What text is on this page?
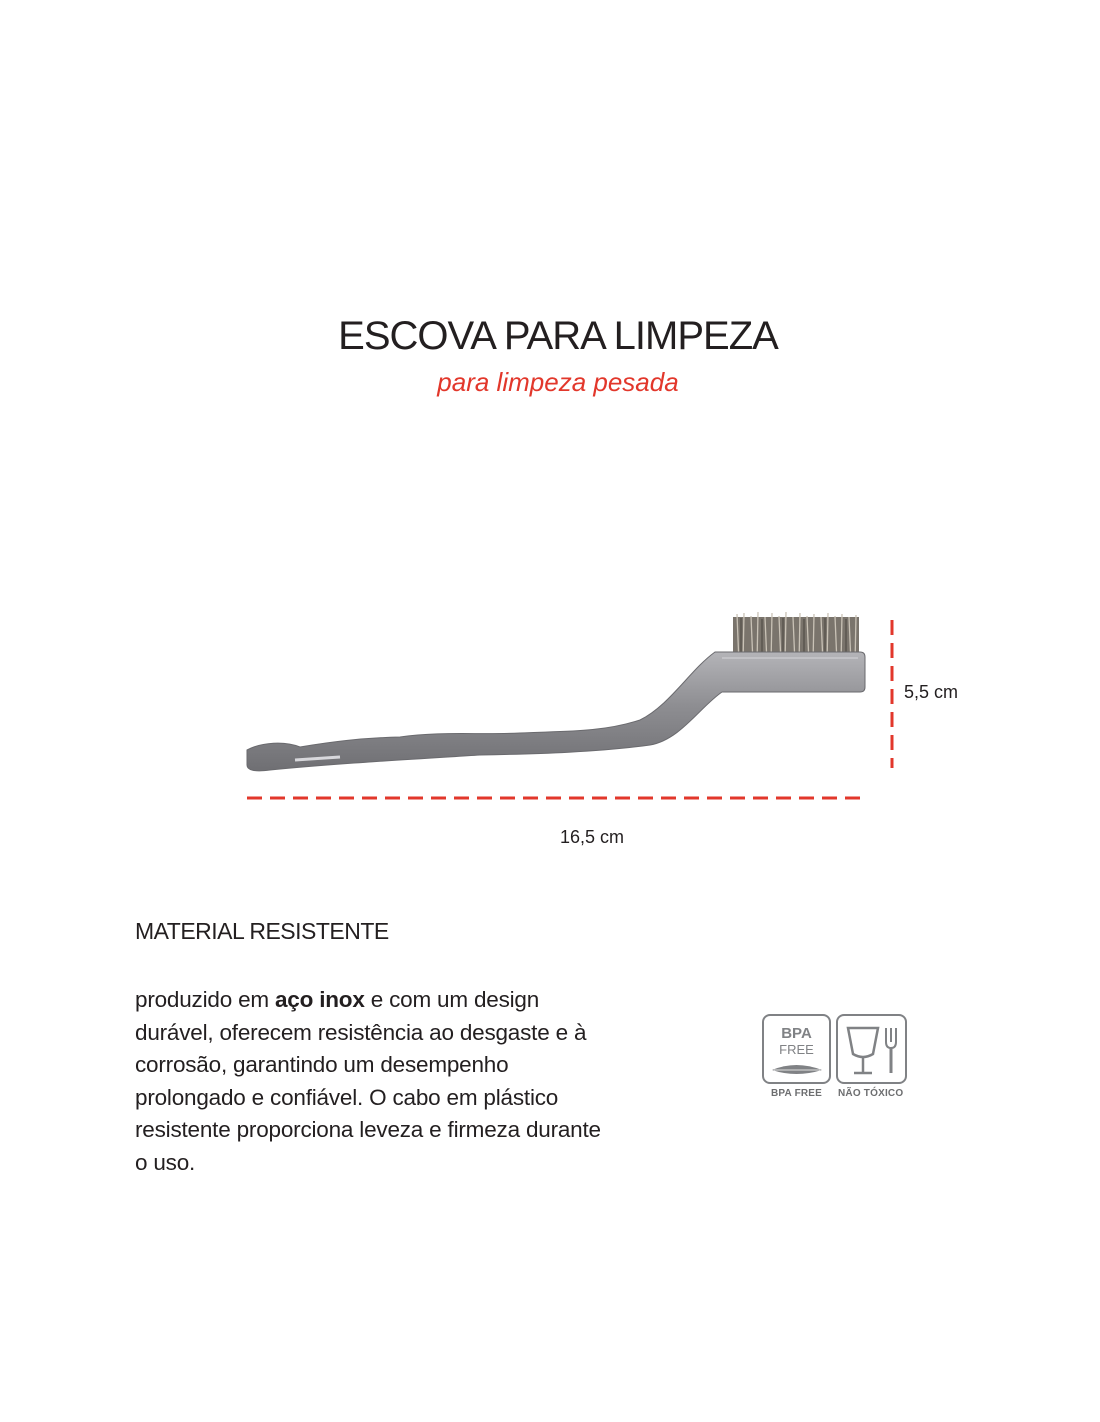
ESCOVA PARA LIMPEZA
para limpeza pesada
16,5 cm
5,5 cm
MATERIAL RESISTENTE
produzido em aço inox e com um design durável, oferecem resistência ao desgaste e à corrosão, garantindo um desempenho prolongado e confiável. O cabo em plástico resistente proporciona leveza e firmeza durante o uso.
BPA
FREE
BPA FREE NÃO TÓXICO
